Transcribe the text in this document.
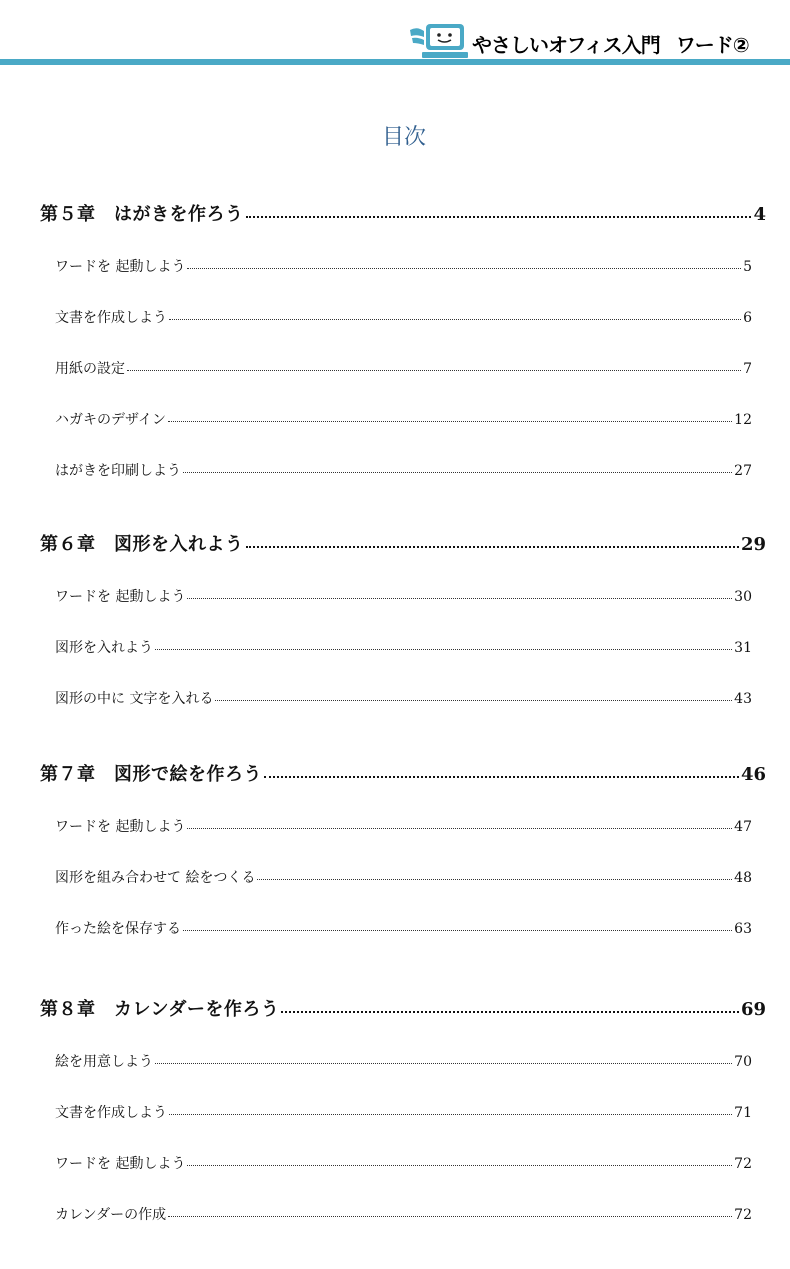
やさしいオフィス入門 ワード②
目次
第５章　はがきを作ろう	4
ワードを 起動しよう	5
文書を作成しよう	6
用紙の設定	7
ハガキのデザイン	12
はがきを印刷しよう	27
第６章　図形を入れよう	29
ワードを 起動しよう	30
図形を入れよう	31
図形の中に 文字を入れる	43
第７章　図形で絵を作ろう	46
ワードを 起動しよう	47
図形を組み合わせて 絵をつくる	48
作った絵を保存する	63
第８章　カレンダーを作ろう	69
絵を用意しよう	70
文書を作成しよう	71
ワードを 起動しよう	72
カレンダーの作成	72
